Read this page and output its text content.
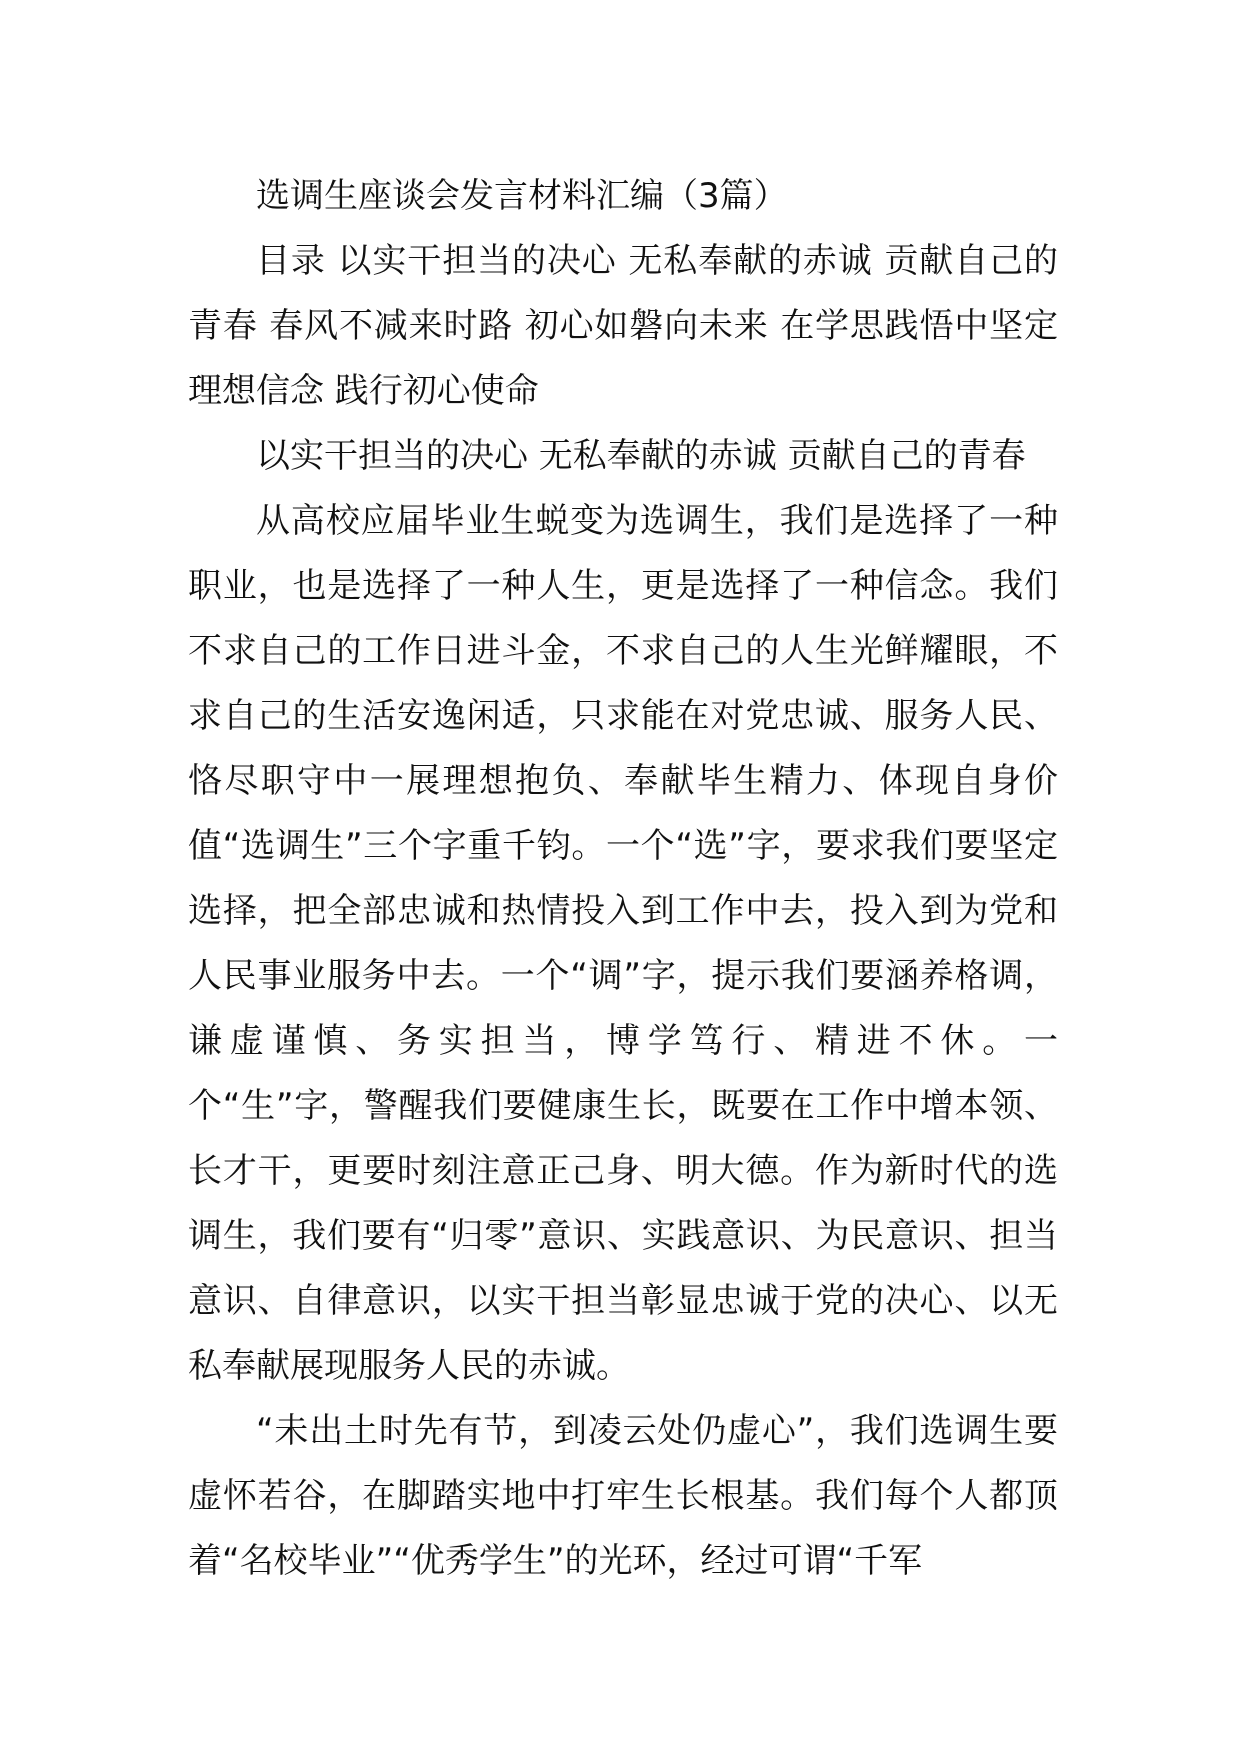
选调生座谈会发言材料汇编（3篇）

目录 以实干担当的决心 无私奉献的赤诚 贡献自己的青春 春风不减来时路 初心如磐向未来 在学思践悟中坚定理想信念 践行初心使命

以实干担当的决心 无私奉献的赤诚 贡献自己的青春

从高校应届毕业生蜕变为选调生，我们是选择了一种职业，也是选择了一种人生，更是选择了一种信念。我们不求自己的工作日进斗金，不求自己的人生光鲜耀眼，不求自己的生活安逸闲适，只求能在对党忠诚、服务人民、恪尽职守中一展理想抱负、奉献毕生精力、体现自身价值“选调生”三个字重千钧。一个“选”字，要求我们要坚定选择，把全部忠诚和热情投入到工作中去，投入到为党和人民事业服务中去。一个“调”字，提示我们要涵养格调，谦虚谨慎、务实担当，博学笃行、精进不休。一个“生”字，警醒我们要健康生长，既要在工作中增本领、长才干，更要时刻注意正己身、明大德。作为新时代的选调生，我们要有“归零”意识、实践意识、为民意识、担当意识、自律意识，以实干担当彰显忠诚于党的决心、以无私奉献展现服务人民的赤诚。

“未出土时先有节，到凌云处仍虚心”，我们选调生要虚怀若谷，在脚踏实地中打牢生长根基。我们每个人都顶着“名校毕业”“优秀学生”的光环，经过可谓“千军
